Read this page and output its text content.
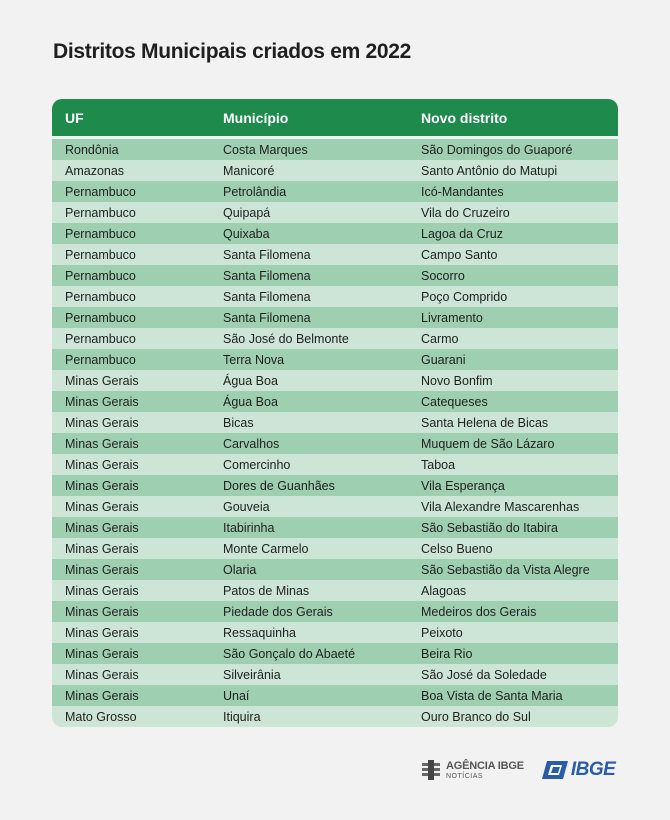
Distritos Municipais criados em 2022
UF	Município	Novo distrito
Rondônia	Costa Marques	São Domingos do Guaporé
Amazonas	Manicoré	Santo Antônio do Matupi
Pernambuco	Petrolândia	Icó-Mandantes
Pernambuco	Quipapá	Vila do Cruzeiro
Pernambuco	Quixaba	Lagoa da Cruz
Pernambuco	Santa Filomena	Campo Santo
Pernambuco	Santa Filomena	Socorro
Pernambuco	Santa Filomena	Poço Comprido
Pernambuco	Santa Filomena	Livramento
Pernambuco	São José do Belmonte	Carmo
Pernambuco	Terra Nova	Guarani
Minas Gerais	Água Boa	Novo Bonfim
Minas Gerais	Água Boa	Catequeses
Minas Gerais	Bicas	Santa Helena de Bicas
Minas Gerais	Carvalhos	Muquem de São Lázaro
Minas Gerais	Comercinho	Taboa
Minas Gerais	Dores de Guanhães	Vila Esperança
Minas Gerais	Gouveia	Vila Alexandre Mascarenhas
Minas Gerais	Itabirinha	São Sebastião do Itabira
Minas Gerais	Monte Carmelo	Celso Bueno
Minas Gerais	Olaria	São Sebastião da Vista Alegre
Minas Gerais	Patos de Minas	Alagoas
Minas Gerais	Piedade dos Gerais	Medeiros dos Gerais
Minas Gerais	Ressaquinha	Peixoto
Minas Gerais	São Gonçalo do Abaeté	Beira Rio
Minas Gerais	Silveirânia	São José da Soledade
Minas Gerais	Unaí	Boa Vista de Santa Maria
Mato Grosso	Itiquira	Ouro Branco do Sul
AGÊNCIA IBGE
NOTÍCIAS	IBGE
